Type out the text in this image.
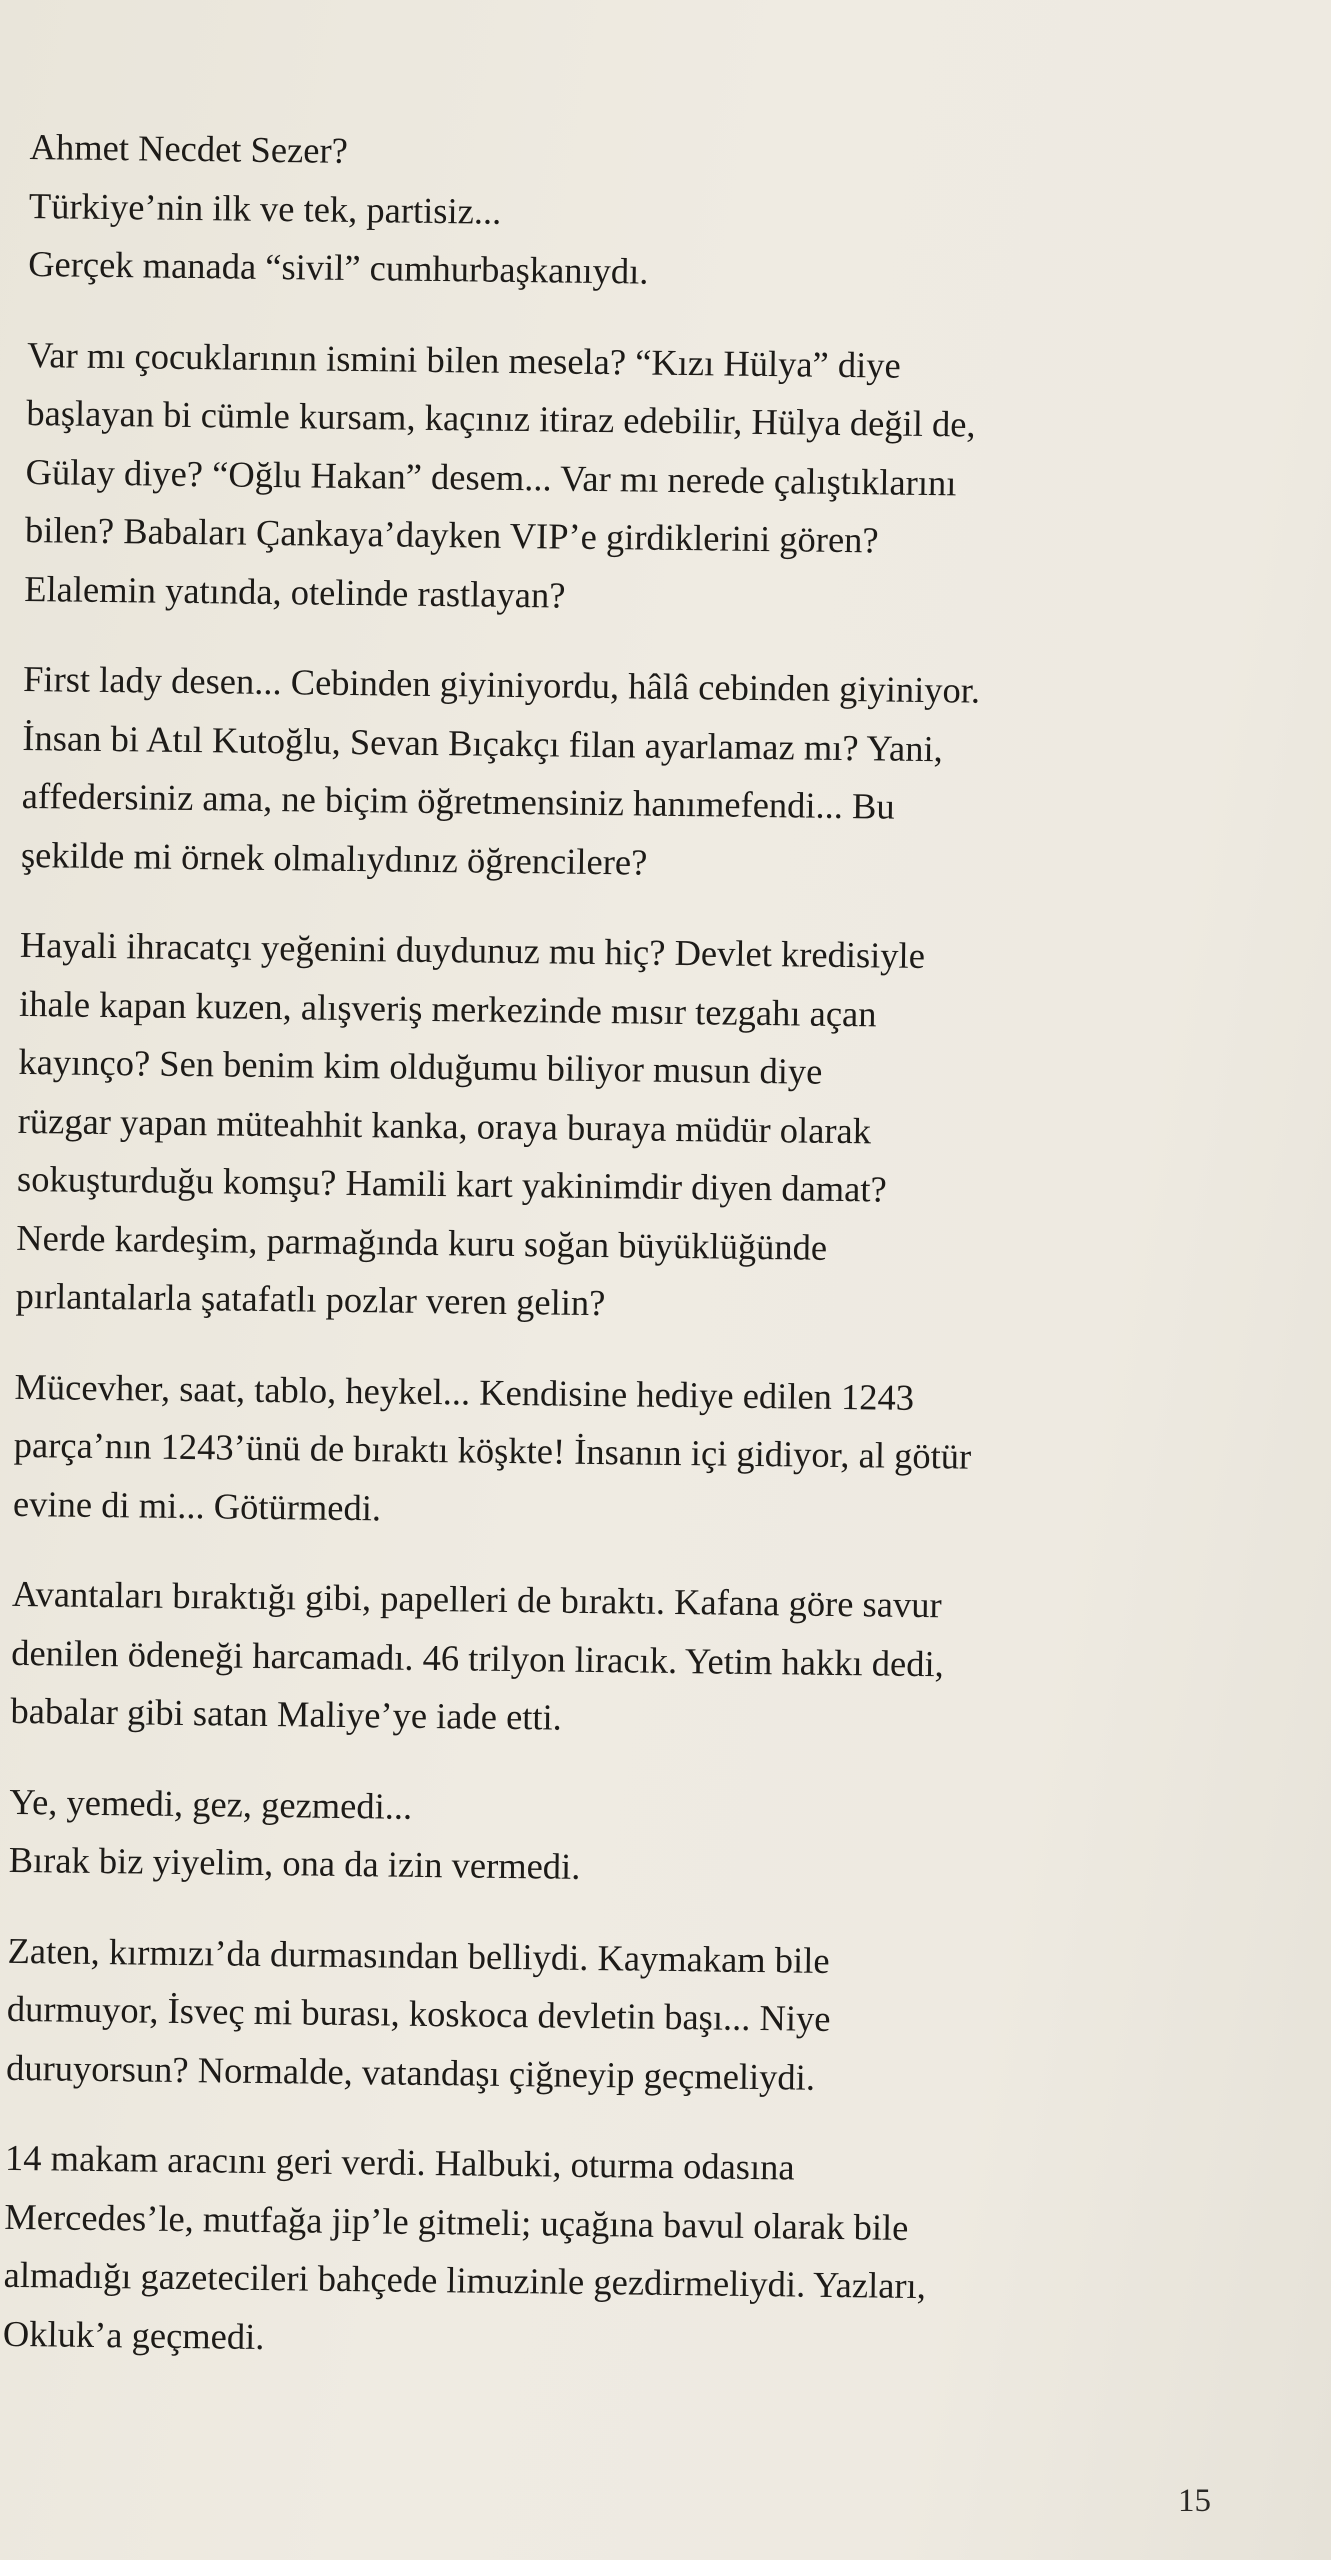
Ahmet Necdet Sezer?
Türkiye’nin ilk ve tek, partisiz...
Gerçek manada “sivil” cumhurbaşkanıydı.
Var mı çocuklarının ismini bilen mesela? “Kızı Hülya” diye
başlayan bi cümle kursam, kaçınız itiraz edebilir, Hülya değil de,
Gülay diye? “Oğlu Hakan” desem... Var mı nerede çalıştıklarını
bilen? Babaları Çankaya’dayken VIP’e girdiklerini gören?
Elalemin yatında, otelinde rastlayan?
First lady desen... Cebinden giyiniyordu, hâlâ cebinden giyiniyor.
İnsan bi Atıl Kutoğlu, Sevan Bıçakçı filan ayarlamaz mı? Yani,
affedersiniz ama, ne biçim öğretmensiniz hanımefendi... Bu
şekilde mi örnek olmalıydınız öğrencilere?
Hayali ihracatçı yeğenini duydunuz mu hiç? Devlet kredisiyle
ihale kapan kuzen, alışveriş merkezinde mısır tezgahı açan
kayınço? Sen benim kim olduğumu biliyor musun diye
rüzgar yapan müteahhit kanka, oraya buraya müdür olarak
sokuşturduğu komşu? Hamili kart yakinimdir diyen damat?
Nerde kardeşim, parmağında kuru soğan büyüklüğünde
pırlantalarla şatafatlı pozlar veren gelin?
Mücevher, saat, tablo, heykel... Kendisine hediye edilen 1243
parça’nın 1243’ünü de bıraktı köşkte! İnsanın içi gidiyor, al götür
evine di mi... Götürmedi.
Avantaları bıraktığı gibi, papelleri de bıraktı. Kafana göre savur
denilen ödeneği harcamadı. 46 trilyon liracık. Yetim hakkı dedi,
babalar gibi satan Maliye’ye iade etti.
Ye, yemedi, gez, gezmedi...
Bırak biz yiyelim, ona da izin vermedi.
Zaten, kırmızı’da durmasından belliydi. Kaymakam bile
durmuyor, İsveç mi burası, koskoca devletin başı... Niye
duruyorsun? Normalde, vatandaşı çiğneyip geçmeliydi.
14 makam aracını geri verdi. Halbuki, oturma odasına
Mercedes’le, mutfağa jip’le gitmeli; uçağına bavul olarak bile
almadığı gazetecileri bahçede limuzinle gezdirmeliydi. Yazları,
Okluk’a geçmedi.
15
